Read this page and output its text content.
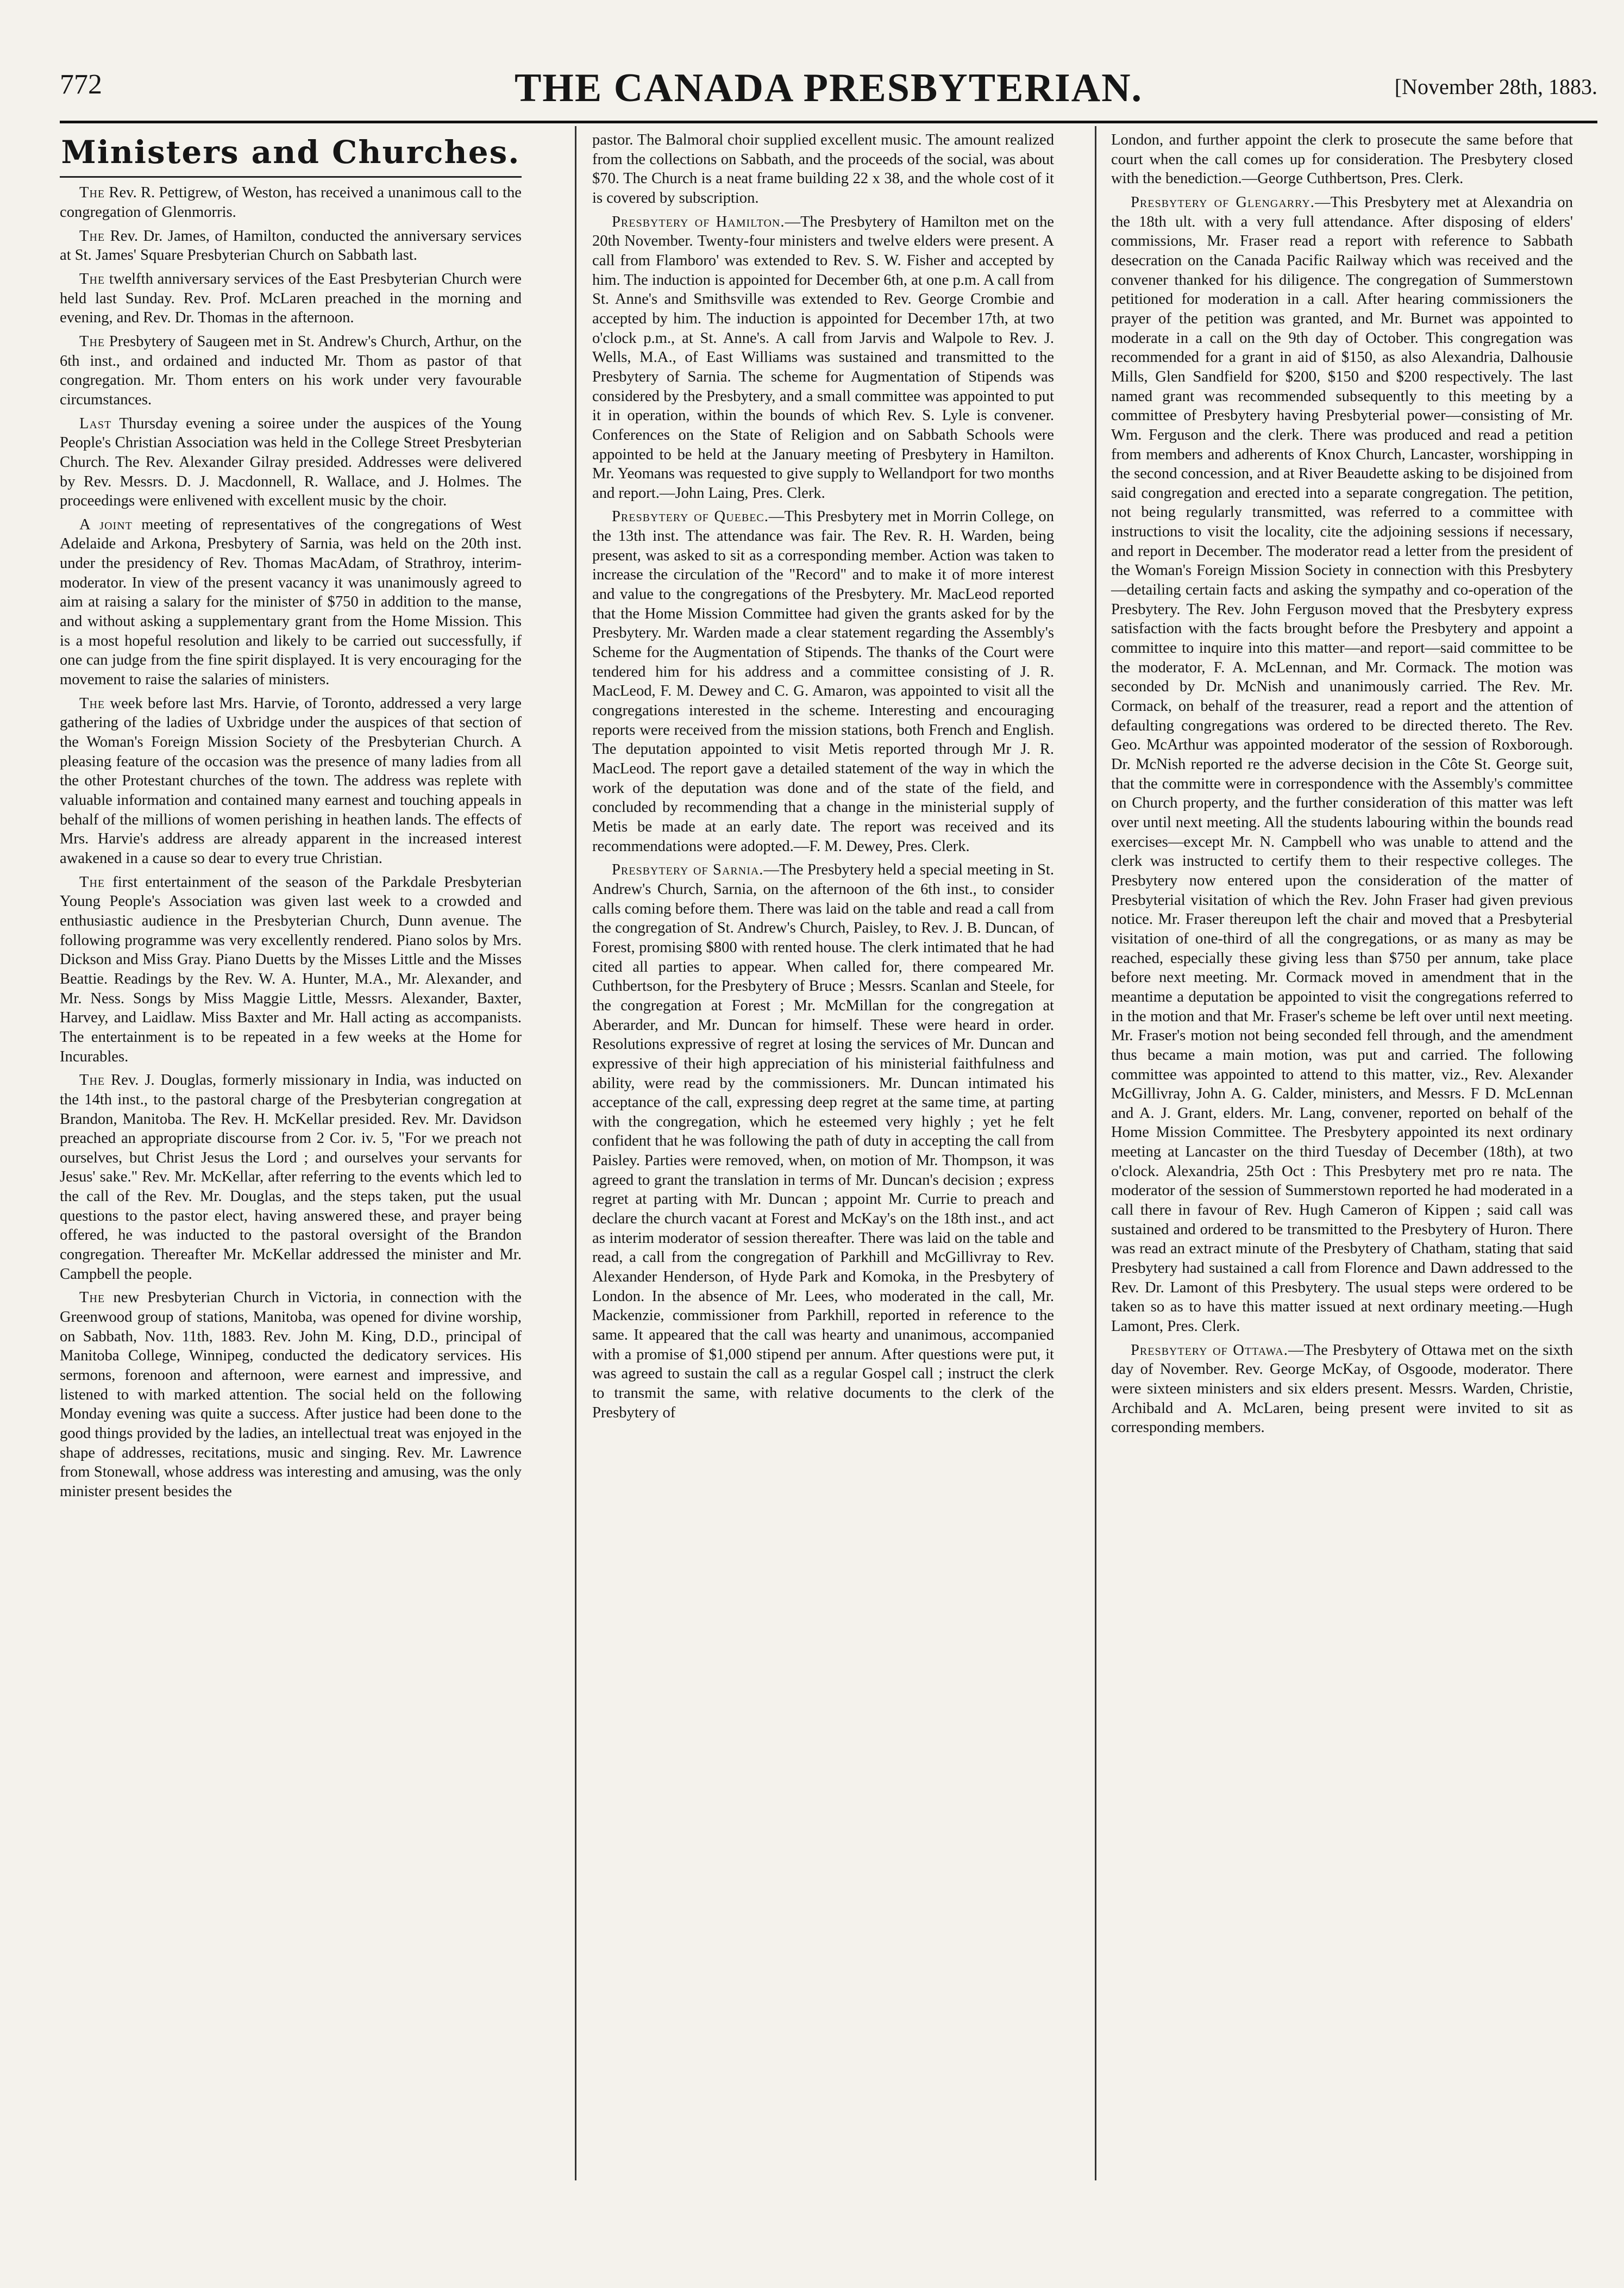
772	THE CANADA PRESBYTERIAN.	[November 28th, 1883.
Ministers and Churches.

The Rev. R. Pettigrew, of Weston, has received a unanimous call to the congregation of Glenmorris.

The Rev. Dr. James, of Hamilton, conducted the anniversary services at St. James' Square Presbyterian Church on Sabbath last.

The twelfth anniversary services of the East Presbyterian Church were held last Sunday. Rev. Prof. McLaren preached in the morning and evening, and Rev. Dr. Thomas in the afternoon.

The Presbytery of Saugeen met in St. Andrew's Church, Arthur, on the 6th inst., and ordained and inducted Mr. Thom as pastor of that congregation. Mr. Thom enters on his work under very favourable circumstances.

Last Thursday evening a soiree under the auspices of the Young People's Christian Association was held in the College Street Presbyterian Church. The Rev. Alexander Gilray presided. Addresses were delivered by Rev. Messrs. D. J. Macdonnell, R. Wallace, and J. Holmes. The proceedings were enlivened with excellent music by the choir.

A joint meeting of representatives of the congregations of West Adelaide and Arkona, Presbytery of Sarnia, was held on the 20th inst. under the presidency of Rev. Thomas MacAdam, of Strathroy, interim-moderator. In view of the present vacancy it was unanimously agreed to aim at raising a salary for the minister of $750 in addition to the manse, and without asking a supplementary grant from the Home Mission. This is a most hopeful resolution and likely to be carried out successfully, if one can judge from the fine spirit displayed. It is very encouraging for the movement to raise the salaries of ministers.

The week before last Mrs. Harvie, of Toronto, addressed a very large gathering of the ladies of Uxbridge under the auspices of that section of the Woman's Foreign Mission Society of the Presbyterian Church. A pleasing feature of the occasion was the presence of many ladies from all the other Protestant churches of the town. The address was replete with valuable information and contained many earnest and touching appeals in behalf of the millions of women perishing in heathen lands. The effects of Mrs. Harvie's address are already apparent in the increased interest awakened in a cause so dear to every true Christian.

The first entertainment of the season of the Parkdale Presbyterian Young People's Association was given last week to a crowded and enthusiastic audience in the Presbyterian Church, Dunn avenue. The following programme was very excellently rendered. Piano solos by Mrs. Dickson and Miss Gray. Piano Duetts by the Misses Little and the Misses Beattie. Readings by the Rev. W. A. Hunter, M.A., Mr. Alexander, and Mr. Ness. Songs by Miss Maggie Little, Messrs. Alexander, Baxter, Harvey, and Laidlaw. Miss Baxter and Mr. Hall acting as accompanists. The entertainment is to be repeated in a few weeks at the Home for Incurables.

The Rev. J. Douglas, formerly missionary in India, was inducted on the 14th inst., to the pastoral charge of the Presbyterian congregation at Brandon, Manitoba. The Rev. H. McKellar presided. Rev. Mr. Davidson preached an appropriate discourse from 2 Cor. iv. 5, "For we preach not ourselves, but Christ Jesus the Lord ; and ourselves your servants for Jesus' sake." Rev. Mr. McKellar, after referring to the events which led to the call of the Rev. Mr. Douglas, and the steps taken, put the usual questions to the pastor elect, having answered these, and prayer being offered, he was inducted to the pastoral oversight of the Brandon congregation. Thereafter Mr. McKellar addressed the minister and Mr. Campbell the people.

The new Presbyterian Church in Victoria, in connection with the Greenwood group of stations, Manitoba, was opened for divine worship, on Sabbath, Nov. 11th, 1883. Rev. John M. King, D.D., principal of Manitoba College, Winnipeg, conducted the dedicatory services. His sermons, forenoon and afternoon, were earnest and impressive, and listened to with marked attention. The social held on the following Monday evening was quite a success. After justice had been done to the good things provided by the ladies, an intellectual treat was enjoyed in the shape of addresses, recitations, music and singing. Rev. Mr. Lawrence from Stonewall, whose address was interesting and amusing, was the only minister present besides the

pastor. The Balmoral choir supplied excellent music. The amount realized from the collections on Sabbath, and the proceeds of the social, was about $70. The Church is a neat frame building 22 x 38, and the whole cost of it is covered by subscription.

Presbytery of Hamilton.—The Presbytery of Hamilton met on the 20th November. Twenty-four ministers and twelve elders were present. A call from Flamboro' was extended to Rev. S. W. Fisher and accepted by him. The induction is appointed for December 6th, at one p.m. A call from St. Anne's and Smithsville was extended to Rev. George Crombie and accepted by him. The induction is appointed for December 17th, at two o'clock p.m., at St. Anne's. A call from Jarvis and Walpole to Rev. J. Wells, M.A., of East Williams was sustained and transmitted to the Presbytery of Sarnia. The scheme for Augmentation of Stipends was considered by the Presbytery, and a small committee was appointed to put it in operation, within the bounds of which Rev. S. Lyle is convener. Conferences on the State of Religion and on Sabbath Schools were appointed to be held at the January meeting of Presbytery in Hamilton. Mr. Yeomans was requested to give supply to Wellandport for two months and report.—John Laing, Pres. Clerk.

Presbytery of Quebec.—This Presbytery met in Morrin College, on the 13th inst. The attendance was fair. The Rev. R. H. Warden, being present, was asked to sit as a corresponding member. Action was taken to increase the circulation of the "Record" and to make it of more interest and value to the congregations of the Presbytery. Mr. MacLeod reported that the Home Mission Committee had given the grants asked for by the Presbytery. Mr. Warden made a clear statement regarding the Assembly's Scheme for the Augmentation of Stipends. The thanks of the Court were tendered him for his address and a committee consisting of J. R. MacLeod, F. M. Dewey and C. G. Amaron, was appointed to visit all the congregations interested in the scheme. Interesting and encouraging reports were received from the mission stations, both French and English. The deputation appointed to visit Metis reported through Mr J. R. MacLeod. The report gave a detailed statement of the way in which the work of the deputation was done and of the state of the field, and concluded by recommending that a change in the ministerial supply of Metis be made at an early date. The report was received and its recommendations were adopted.—F. M. Dewey, Pres. Clerk.

Presbytery of Sarnia.—The Presbytery held a special meeting in St. Andrew's Church, Sarnia, on the afternoon of the 6th inst., to consider calls coming before them. There was laid on the table and read a call from the congregation of St. Andrew's Church, Paisley, to Rev. J. B. Duncan, of Forest, promising $800 with rented house. The clerk intimated that he had cited all parties to appear. When called for, there compeared Mr. Cuthbertson, for the Presbytery of Bruce ; Messrs. Scanlan and Steele, for the congregation at Forest ; Mr. McMillan for the congregation at Aberarder, and Mr. Duncan for himself. These were heard in order. Resolutions expressive of regret at losing the services of Mr. Duncan and expressive of their high appreciation of his ministerial faithfulness and ability, were read by the commissioners. Mr. Duncan intimated his acceptance of the call, expressing deep regret at the same time, at parting with the congregation, which he esteemed very highly ; yet he felt confident that he was following the path of duty in accepting the call from Paisley. Parties were removed, when, on motion of Mr. Thompson, it was agreed to grant the translation in terms of Mr. Duncan's decision ; express regret at parting with Mr. Duncan ; appoint Mr. Currie to preach and declare the church vacant at Forest and McKay's on the 18th inst., and act as interim moderator of session thereafter. There was laid on the table and read, a call from the congregation of Parkhill and McGillivray to Rev. Alexander Henderson, of Hyde Park and Komoka, in the Presbytery of London. In the absence of Mr. Lees, who moderated in the call, Mr. Mackenzie, commissioner from Parkhill, reported in reference to the same. It appeared that the call was hearty and unanimous, accompanied with a promise of $1,000 stipend per annum. After questions were put, it was agreed to sustain the call as a regular Gospel call ; instruct the clerk to transmit the same, with relative documents to the clerk of the Presbytery of

London, and further appoint the clerk to prosecute the same before that court when the call comes up for consideration. The Presbytery closed with the benediction.—George Cuthbertson, Pres. Clerk.

Presbytery of Glengarry.—This Presbytery met at Alexandria on the 18th ult. with a very full attendance. After disposing of elders' commissions, Mr. Fraser read a report with reference to Sabbath desecration on the Canada Pacific Railway which was received and the convener thanked for his diligence. The congregation of Summerstown petitioned for moderation in a call. After hearing commissioners the prayer of the petition was granted, and Mr. Burnet was appointed to moderate in a call on the 9th day of October. This congregation was recommended for a grant in aid of $150, as also Alexandria, Dalhousie Mills, Glen Sandfield for $200, $150 and $200 respectively. The last named grant was recommended subsequently to this meeting by a committee of Presbytery having Presbyterial power—consisting of Mr. Wm. Ferguson and the clerk. There was produced and read a petition from members and adherents of Knox Church, Lancaster, worshipping in the second concession, and at River Beaudette asking to be disjoined from said congregation and erected into a separate congregation. The petition, not being regularly transmitted, was referred to a committee with instructions to visit the locality, cite the adjoining sessions if necessary, and report in December. The moderator read a letter from the president of the Woman's Foreign Mission Society in connection with this Presbytery—detailing certain facts and asking the sympathy and co-operation of the Presbytery. The Rev. John Ferguson moved that the Presbytery express satisfaction with the facts brought before the Presbytery and appoint a committee to inquire into this matter—and report—said committee to be the moderator, F. A. McLennan, and Mr. Cormack. The motion was seconded by Dr. McNish and unanimously carried. The Rev. Mr. Cormack, on behalf of the treasurer, read a report and the attention of defaulting congregations was ordered to be directed thereto. The Rev. Geo. McArthur was appointed moderator of the session of Roxborough. Dr. McNish reported re the adverse decision in the Côte St. George suit, that the committe were in correspondence with the Assembly's committee on Church property, and the further consideration of this matter was left over until next meeting. All the students labouring within the bounds read exercises—except Mr. N. Campbell who was unable to attend and the clerk was instructed to certify them to their respective colleges. The Presbytery now entered upon the consideration of the matter of Presbyterial visitation of which the Rev. John Fraser had given previous notice. Mr. Fraser thereupon left the chair and moved that a Presbyterial visitation of one-third of all the congregations, or as many as may be reached, especially these giving less than $750 per annum, take place before next meeting. Mr. Cormack moved in amendment that in the meantime a deputation be appointed to visit the congregations referred to in the motion and that Mr. Fraser's scheme be left over until next meeting. Mr. Fraser's motion not being seconded fell through, and the amendment thus became a main motion, was put and carried. The following committee was appointed to attend to this matter, viz., Rev. Alexander McGillivray, John A. G. Calder, ministers, and Messrs. F D. McLennan and A. J. Grant, elders. Mr. Lang, convener, reported on behalf of the Home Mission Committee. The Presbytery appointed its next ordinary meeting at Lancaster on the third Tuesday of December (18th), at two o'clock. Alexandria, 25th Oct : This Presbytery met pro re nata. The moderator of the session of Summerstown reported he had moderated in a call there in favour of Rev. Hugh Cameron of Kippen ; said call was sustained and ordered to be transmitted to the Presbytery of Huron. There was read an extract minute of the Presbytery of Chatham, stating that said Presbytery had sustained a call from Florence and Dawn addressed to the Rev. Dr. Lamont of this Presbytery. The usual steps were ordered to be taken so as to have this matter issued at next ordinary meeting.—Hugh Lamont, Pres. Clerk.

Presbytery of Ottawa.—The Presbytery of Ottawa met on the sixth day of November. Rev. George McKay, of Osgoode, moderator. There were sixteen ministers and six elders present. Messrs. Warden, Christie, Archibald and A. McLaren, being present were invited to sit as corresponding members.
